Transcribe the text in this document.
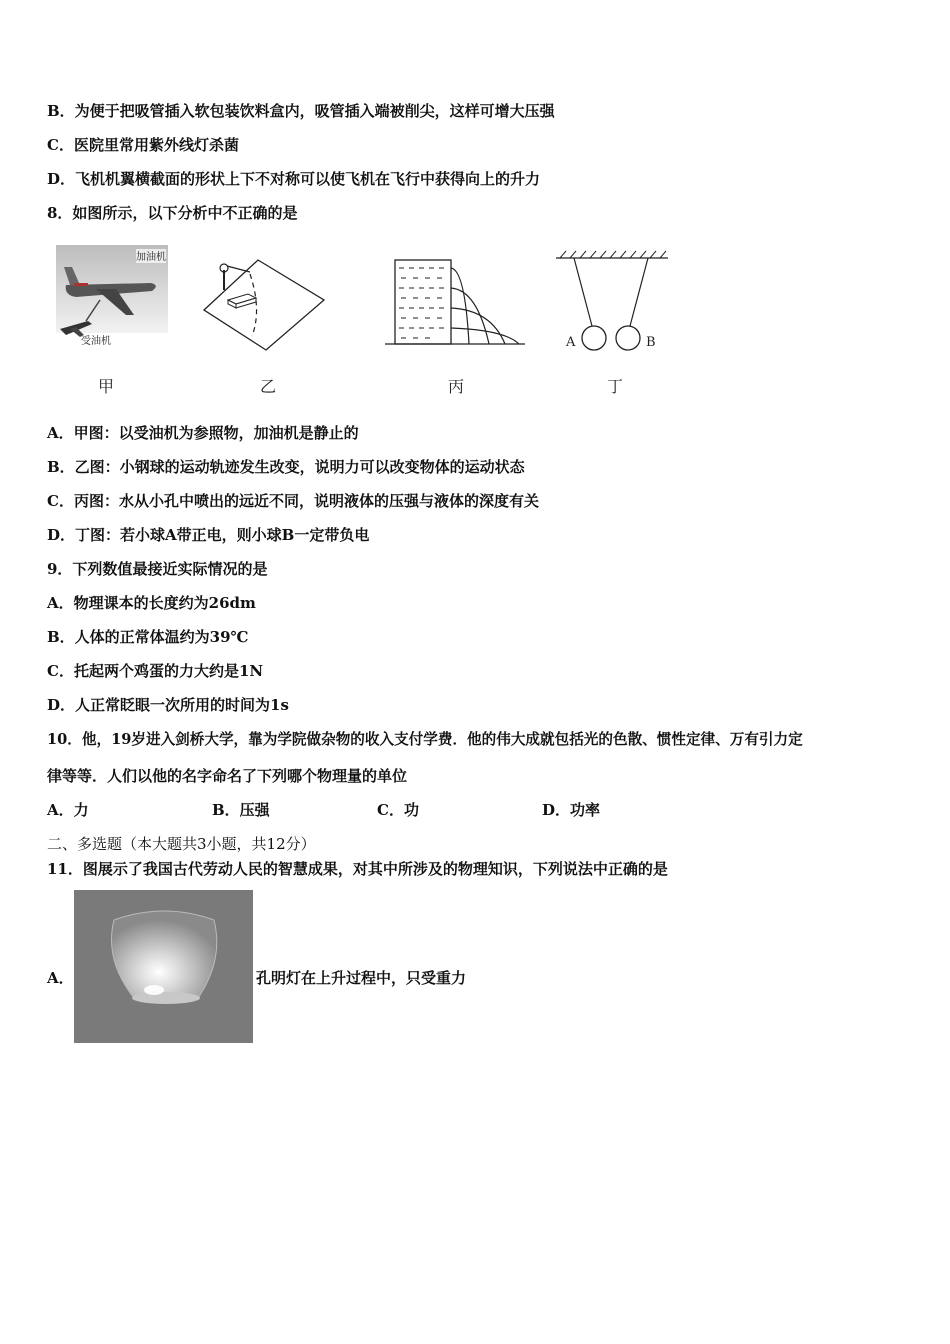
B．为便于把吸管插入软包装饮料盒内，吸管插入端被削尖，这样可增大压强
C．医院里常用紫外线灯杀菌
D．飞机机翼横截面的形状上下不对称可以使飞机在飞行中获得向上的升力
8．如图所示，以下分析中不正确的是
加油机
受油机	A	B
甲	乙	丙	丁
A．甲图：以受油机为参照物，加油机是静止的
B．乙图：小钢球的运动轨迹发生改变，说明力可以改变物体的运动状态
C．丙图：水从小孔中喷出的远近不同，说明液体的压强与液体的深度有关
D．丁图：若小球A带正电，则小球B一定带负电
9．下列数值最接近实际情况的是
A．物理课本的长度约为26dm
B．人体的正常体温约为39℃
C．托起两个鸡蛋的力大约是1N
D．人正常眨眼一次所用的时间为1s
10．他，19岁进入剑桥大学，靠为学院做杂物的收入支付学费．他的伟大成就包括光的色散、惯性定律、万有引力定
律等等．人们以他的名字命名了下列哪个物理量的单位
A．力	B．压强	C．功	D．功率
二、多选题（本大题共3小题，共12分）
11．图展示了我国古代劳动人民的智慧成果，对其中所涉及的物理知识，下列说法中正确的是
A．	孔明灯在上升过程中，只受重力
